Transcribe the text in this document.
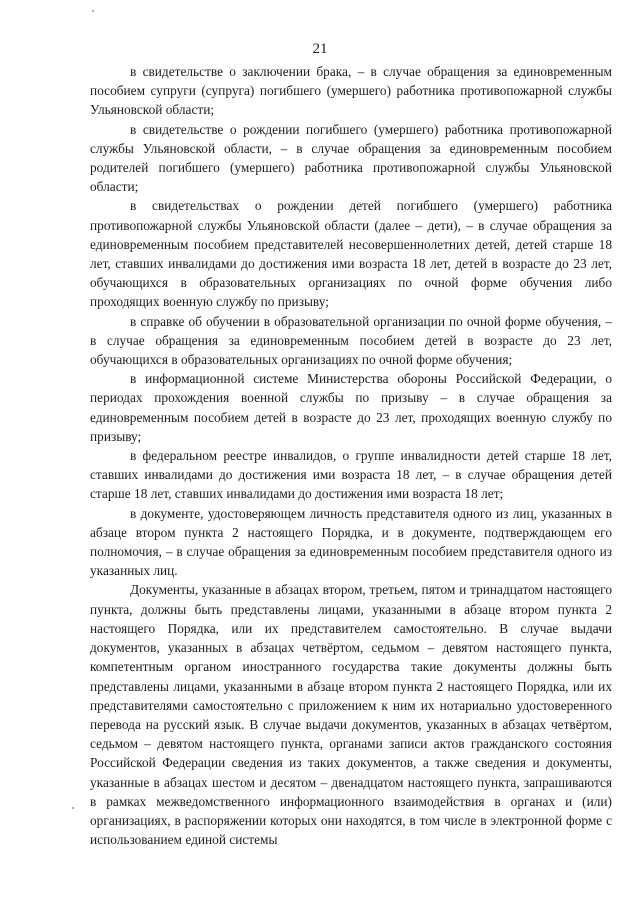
21

в свидетельстве о заключении брака, – в случае обращения за единовременным пособием супруги (супруга) погибшего (умершего) работника противопожарной службы Ульяновской области;

в свидетельстве о рождении погибшего (умершего) работника противопожарной службы Ульяновской области, – в случае обращения за единовременным пособием родителей погибшего (умершего) работника противопожарной службы Ульяновской области;

в свидетельствах о рождении детей погибшего (умершего) работника противопожарной службы Ульяновской области (далее – дети), – в случае обращения за единовременным пособием представителей несовершеннолетних детей, детей старше 18 лет, ставших инвалидами до достижения ими возраста 18 лет, детей в возрасте до 23 лет, обучающихся в образовательных организациях по очной форме обучения либо проходящих военную службу по призыву;

в справке об обучении в образовательной организации по очной форме обучения, – в случае обращения за единовременным пособием детей в возрасте до 23 лет, обучающихся в образовательных организациях по очной форме обучения;

в информационной системе Министерства обороны Российской Федерации, о периодах прохождения военной службы по призыву – в случае обращения за единовременным пособием детей в возрасте до 23 лет, проходящих военную службу по призыву;

в федеральном реестре инвалидов, о группе инвалидности детей старше 18 лет, ставших инвалидами до достижения ими возраста 18 лет, – в случае обращения детей старше 18 лет, ставших инвалидами до достижения ими возраста 18 лет;

в документе, удостоверяющем личность представителя одного из лиц, указанных в абзаце втором пункта 2 настоящего Порядка, и в документе, подтверждающем его полномочия, – в случае обращения за единовременным пособием представителя одного из указанных лиц.

Документы, указанные в абзацах втором, третьем, пятом и тринадцатом настоящего пункта, должны быть представлены лицами, указанными в абзаце втором пункта 2 настоящего Порядка, или их представителем самостоятельно. В случае выдачи документов, указанных в абзацах четвёртом, седьмом – девятом настоящего пункта, компетентным органом иностранного государства такие документы должны быть представлены лицами, указанными в абзаце втором пункта 2 настоящего Порядка, или их представителями самостоятельно с приложением к ним их нотариально удостоверенного перевода на русский язык. В случае выдачи документов, указанных в абзацах четвёртом, седьмом – девятом настоящего пункта, органами записи актов гражданского состояния Российской Федерации сведения из таких документов, а также сведения и документы, указанные в абзацах шестом и десятом – двенадцатом настоящего пункта, запрашиваются в рамках межведомственного информационного взаимодействия в органах и (или) организациях, в распоряжении которых они находятся, в том числе в электронной форме с использованием единой системы
